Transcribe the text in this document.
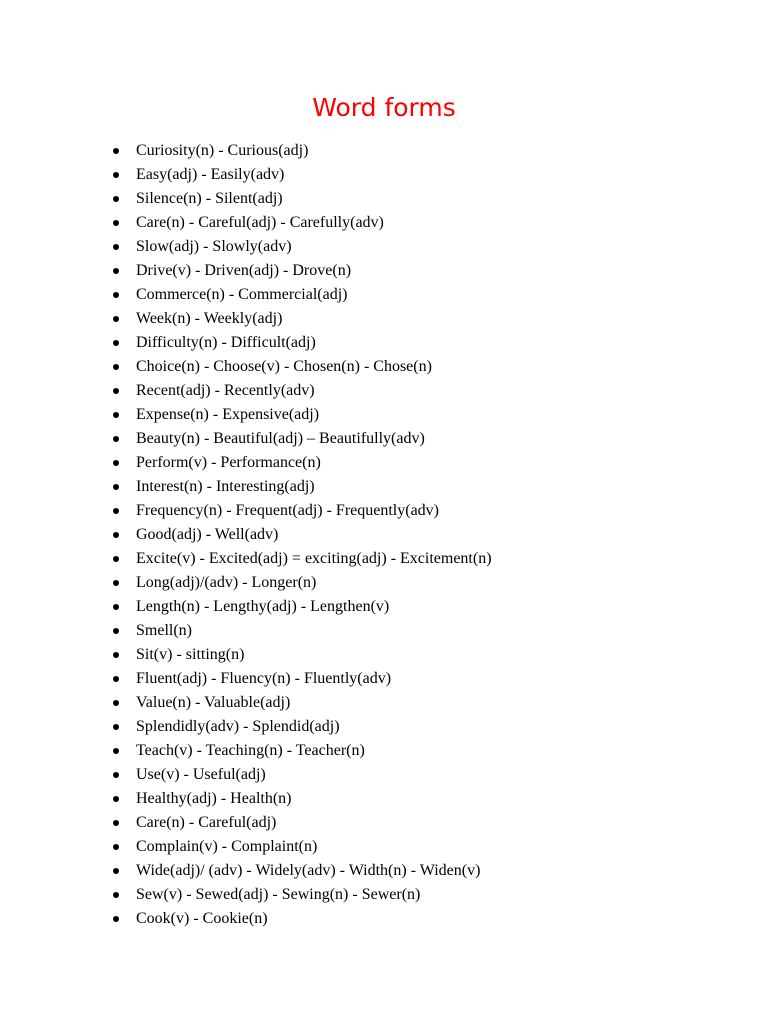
Word forms
Curiosity(n) - Curious(adj)
Easy(adj) - Easily(adv)
Silence(n) - Silent(adj)
Care(n) - Careful(adj) - Carefully(adv)
Slow(adj) - Slowly(adv)
Drive(v) - Driven(adj) - Drove(n)
Commerce(n) - Commercial(adj)
Week(n) - Weekly(adj)
Difficulty(n) - Difficult(adj)
Choice(n) - Choose(v) - Chosen(n) - Chose(n)
Recent(adj) - Recently(adv)
Expense(n) - Expensive(adj)
Beauty(n) - Beautiful(adj) – Beautifully(adv)
Perform(v) - Performance(n)
Interest(n) - Interesting(adj)
Frequency(n) - Frequent(adj) - Frequently(adv)
Good(adj) - Well(adv)
Excite(v) - Excited(adj) = exciting(adj) - Excitement(n)
Long(adj)/(adv) - Longer(n)
Length(n) - Lengthy(adj) - Lengthen(v)
Smell(n)
Sit(v) - sitting(n)
Fluent(adj) - Fluency(n) - Fluently(adv)
Value(n) - Valuable(adj)
Splendidly(adv) - Splendid(adj)
Teach(v) - Teaching(n) - Teacher(n)
Use(v) - Useful(adj)
Healthy(adj) - Health(n)
Care(n) - Careful(adj)
Complain(v) - Complaint(n)
Wide(adj)/ (adv) - Widely(adv) - Width(n) - Widen(v)
Sew(v) - Sewed(adj) - Sewing(n) - Sewer(n)
Cook(v) - Cookie(n)
